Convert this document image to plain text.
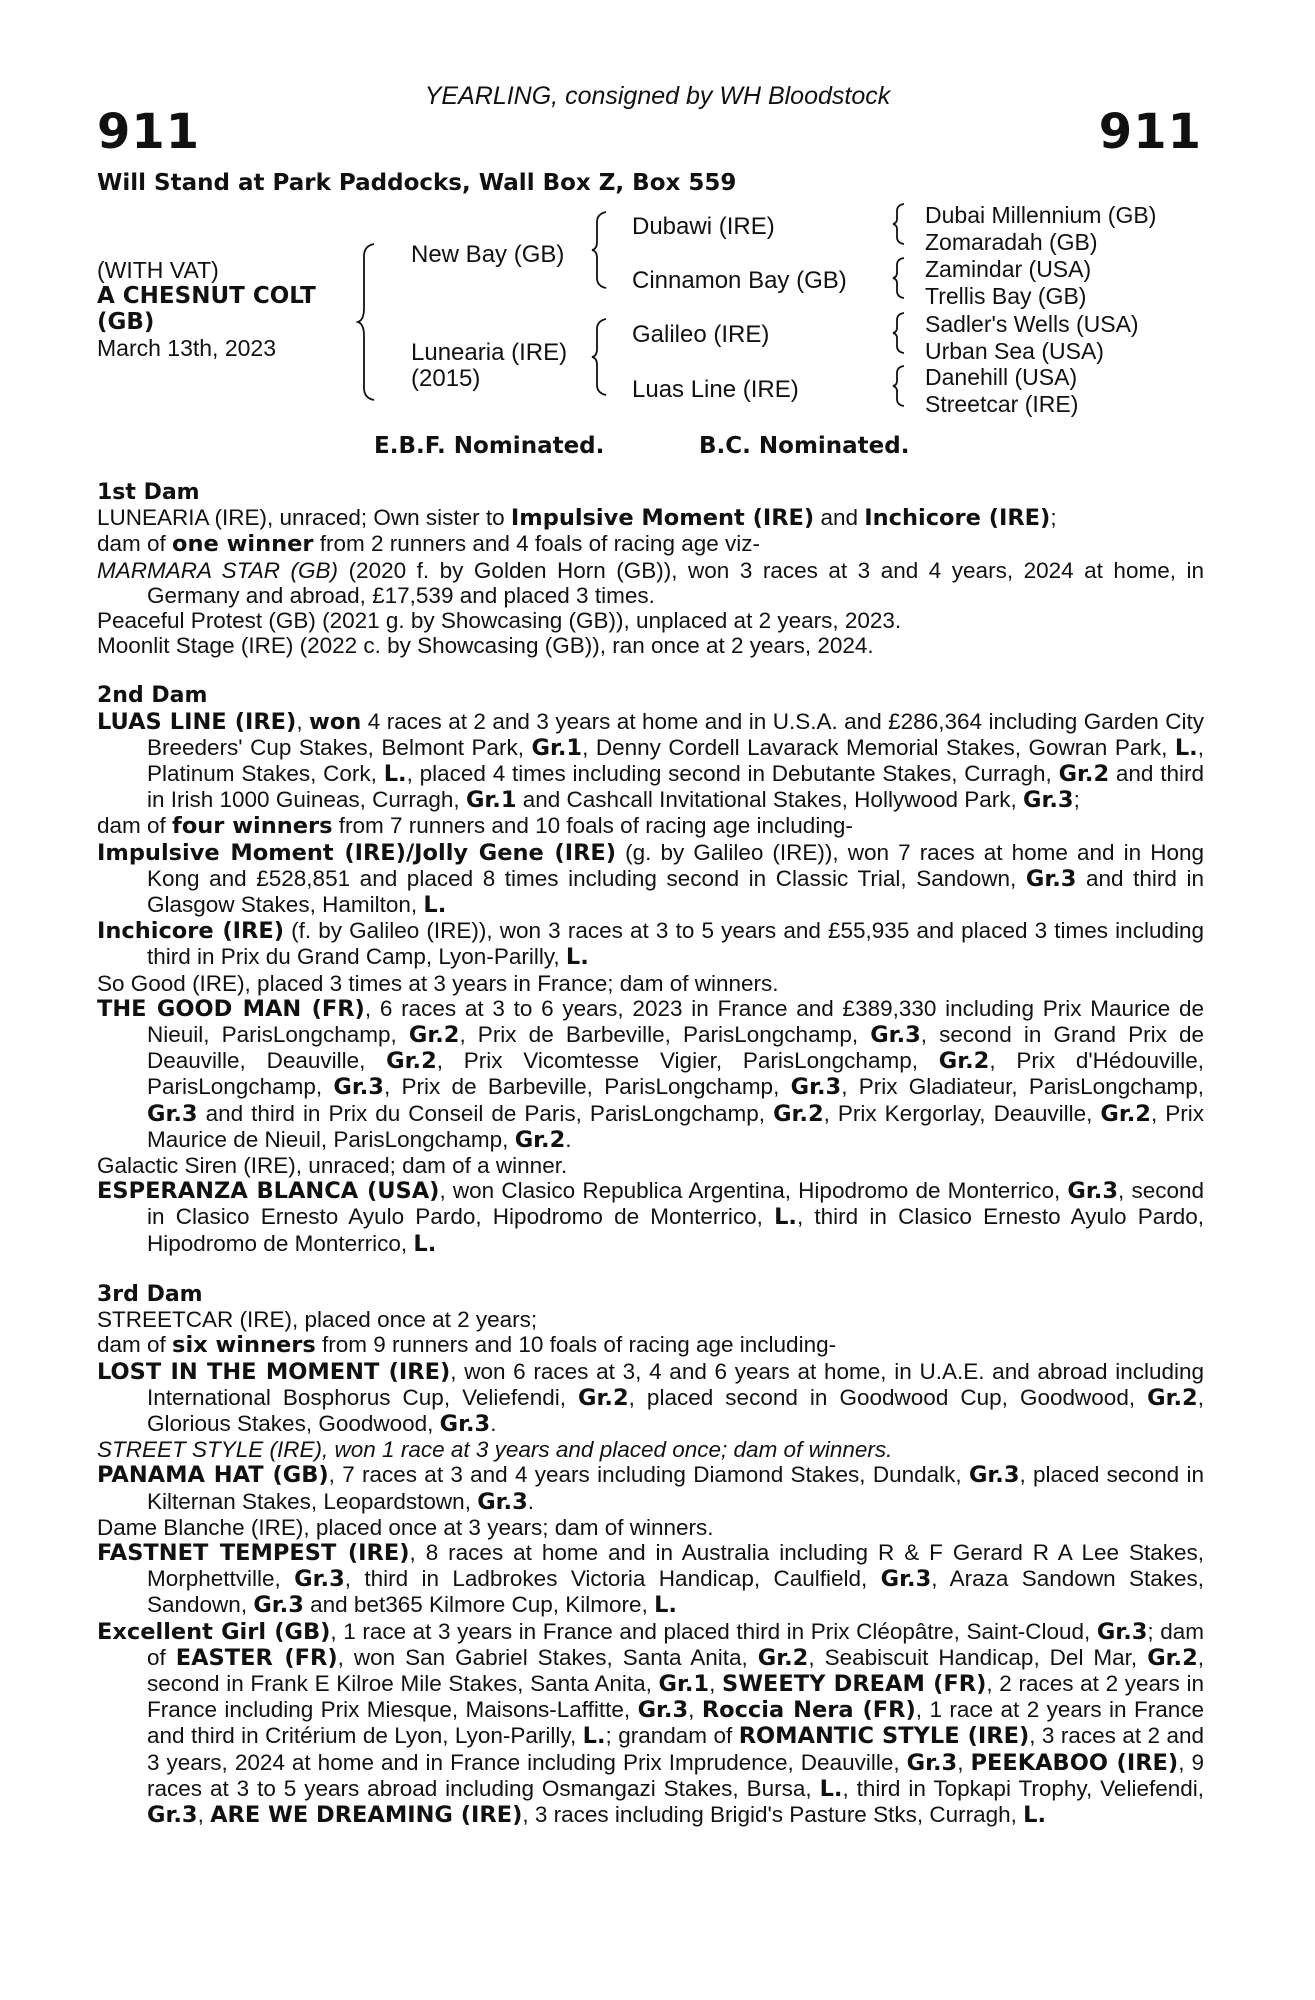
YEARLING, consigned by WH Bloodstock
911	911
Will Stand at Park Paddocks, Wall Box Z, Box 559
(WITH VAT)
A CHESNUT COLT
(GB)
March 13th, 2023
New Bay (GB)
Lunearia (IRE)
(2015)
Dubawi (IRE)
Cinnamon Bay (GB)
Galileo (IRE)
Luas Line (IRE)
Dubai Millennium (GB)
Zomaradah (GB)
Zamindar (USA)
Trellis Bay (GB)
Sadler's Wells (USA)
Urban Sea (USA)
Danehill (USA)
Streetcar (IRE)
E.B.F. Nominated.	B.C. Nominated.
1st Dam

LUNEARIA (IRE), unraced; Own sister to Impulsive Moment (IRE) and Inchicore (IRE);

dam of one winner from 2 runners and 4 foals of racing age viz-

MARMARA STAR (GB) (2020 f. by Golden Horn (GB)), won 3 races at 3 and 4 years, 2024 at home, in Germany and abroad, £17,539 and placed 3 times.

Peaceful Protest (GB) (2021 g. by Showcasing (GB)), unplaced at 2 years, 2023.

Moonlit Stage (IRE) (2022 c. by Showcasing (GB)), ran once at 2 years, 2024.

2nd Dam

LUAS LINE (IRE), won 4 races at 2 and 3 years at home and in U.S.A. and £286,364 including Garden City Breeders' Cup Stakes, Belmont Park, Gr.1, Denny Cordell Lavarack Memorial Stakes, Gowran Park, L., Platinum Stakes, Cork, L., placed 4 times including second in Debutante Stakes, Curragh, Gr.2 and third in Irish 1000 Guineas, Curragh, Gr.1 and Cashcall Invitational Stakes, Hollywood Park, Gr.3;

dam of four winners from 7 runners and 10 foals of racing age including-

Impulsive Moment (IRE)/Jolly Gene (IRE) (g. by Galileo (IRE)), won 7 races at home and in Hong Kong and £528,851 and placed 8 times including second in Classic Trial, Sandown, Gr.3 and third in Glasgow Stakes, Hamilton, L.

Inchicore (IRE) (f. by Galileo (IRE)), won 3 races at 3 to 5 years and £55,935 and placed 3 times including third in Prix du Grand Camp, Lyon-Parilly, L.

So Good (IRE), placed 3 times at 3 years in France; dam of winners.

THE GOOD MAN (FR), 6 races at 3 to 6 years, 2023 in France and £389,330 including Prix Maurice de Nieuil, ParisLongchamp, Gr.2, Prix de Barbeville, ParisLongchamp, Gr.3, second in Grand Prix de Deauville, Deauville, Gr.2, Prix Vicomtesse Vigier, ParisLongchamp, Gr.2, Prix d'Hédouville, ParisLongchamp, Gr.3, Prix de Barbeville, ParisLongchamp, Gr.3, Prix Gladiateur, ParisLongchamp, Gr.3 and third in Prix du Conseil de Paris, ParisLongchamp, Gr.2, Prix Kergorlay, Deauville, Gr.2, Prix Maurice de Nieuil, ParisLongchamp, Gr.2.

Galactic Siren (IRE), unraced; dam of a winner.

ESPERANZA BLANCA (USA), won Clasico Republica Argentina, Hipodromo de Monterrico, Gr.3, second in Clasico Ernesto Ayulo Pardo, Hipodromo de Monterrico, L., third in Clasico Ernesto Ayulo Pardo, Hipodromo de Monterrico, L.

3rd Dam

STREETCAR (IRE), placed once at 2 years;

dam of six winners from 9 runners and 10 foals of racing age including-

LOST IN THE MOMENT (IRE), won 6 races at 3, 4 and 6 years at home, in U.A.E. and abroad including International Bosphorus Cup, Veliefendi, Gr.2, placed second in Goodwood Cup, Goodwood, Gr.2, Glorious Stakes, Goodwood, Gr.3.

STREET STYLE (IRE), won 1 race at 3 years and placed once; dam of winners.

PANAMA HAT (GB), 7 races at 3 and 4 years including Diamond Stakes, Dundalk, Gr.3, placed second in Kilternan Stakes, Leopardstown, Gr.3.

Dame Blanche (IRE), placed once at 3 years; dam of winners.

FASTNET TEMPEST (IRE), 8 races at home and in Australia including R & F Gerard R A Lee Stakes, Morphettville, Gr.3, third in Ladbrokes Victoria Handicap, Caulfield, Gr.3, Araza Sandown Stakes, Sandown, Gr.3 and bet365 Kilmore Cup, Kilmore, L.

Excellent Girl (GB), 1 race at 3 years in France and placed third in Prix Cléopâtre, Saint-Cloud, Gr.3; dam of EASTER (FR), won San Gabriel Stakes, Santa Anita, Gr.2, Seabiscuit Handicap, Del Mar, Gr.2, second in Frank E Kilroe Mile Stakes, Santa Anita, Gr.1, SWEETY DREAM (FR), 2 races at 2 years in France including Prix Miesque, Maisons-Laffitte, Gr.3, Roccia Nera (FR), 1 race at 2 years in France and third in Critérium de Lyon, Lyon-Parilly, L.; grandam of ROMANTIC STYLE (IRE), 3 races at 2 and 3 years, 2024 at home and in France including Prix Imprudence, Deauville, Gr.3, PEEKABOO (IRE), 9 races at 3 to 5 years abroad including Osmangazi Stakes, Bursa, L., third in Topkapi Trophy, Veliefendi, Gr.3, ARE WE DREAMING (IRE), 3 races including Brigid's Pasture Stks, Curragh, L.
